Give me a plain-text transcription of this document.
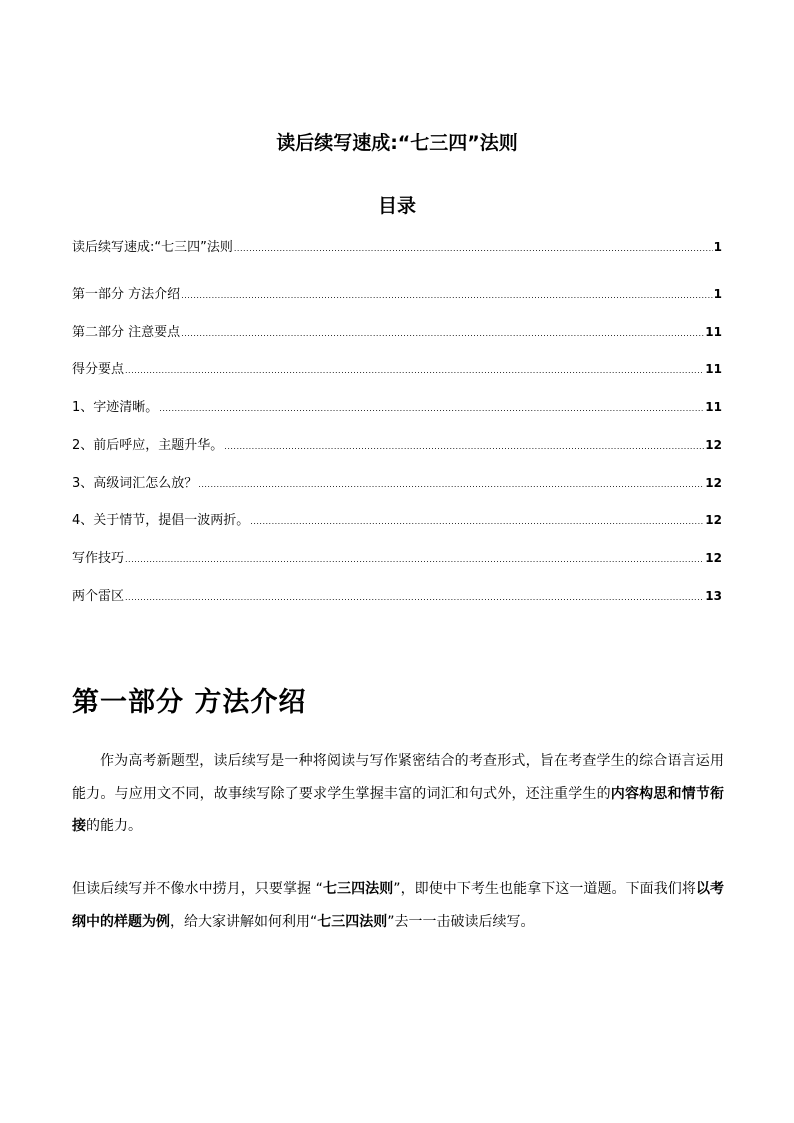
读后续写速成:“七三四”法则
目录
读后续写速成:“七三四”法则 .....	1
第一部分 方法介绍 .....	1
第二部分 注意要点 .....	11
得分要点 .....	11
1、字迹清晰。 .....	11
2、前后呼应，主题升华。 .....	12
3、高级词汇怎么放？ .....	12
4、关于情节，提倡一波两折。 .....	12
写作技巧 .....	12
两个雷区 .....	13
第一部分 方法介绍
作为高考新题型，读后续写是一种将阅读与写作紧密结合的考查形式，旨在考查学生的综合语言运用能力。与应用文不同，故事续写除了要求学生掌握丰富的词汇和句式外，还注重学生的内容构思和情节衔接的能力。
但读后续写并不像水中捞月，只要掌握 “七三四法则”，即使中下考生也能拿下这一道题。下面我们将以考纲中的样题为例，给大家讲解如何利用“七三四法则”去一一击破读后续写。
